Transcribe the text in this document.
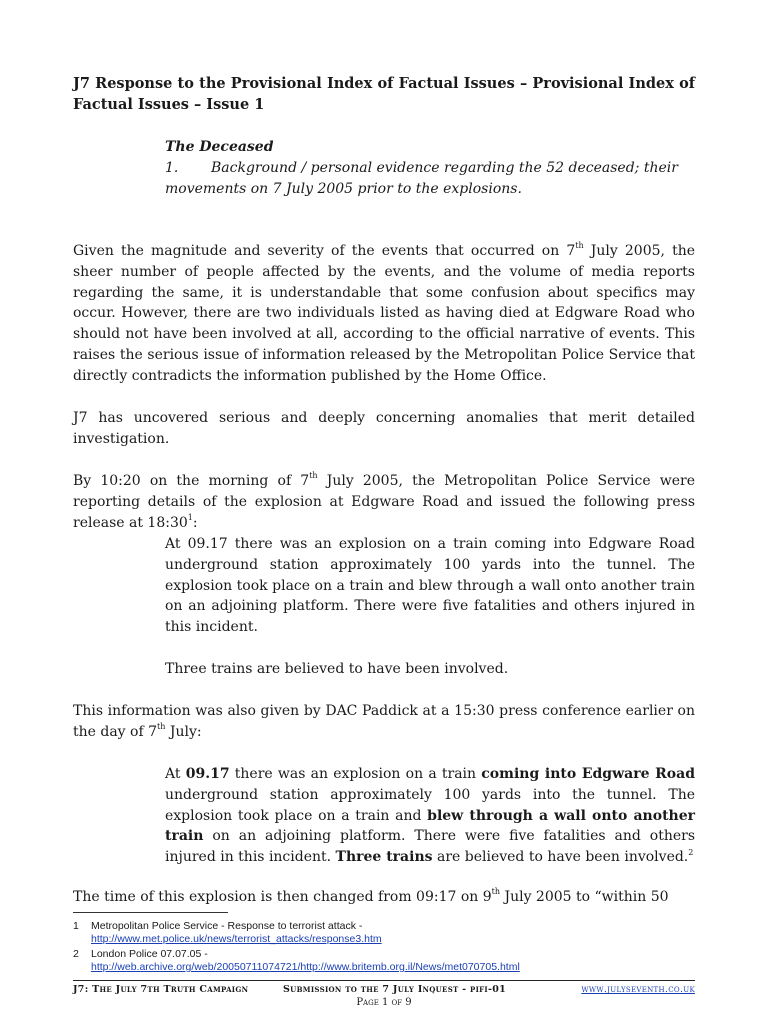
J7 Response to the Provisional Index of Factual Issues – Provisional Index of Factual Issues – Issue 1
The Deceased
1. Background / personal evidence regarding the 52 deceased; their movements on 7 July 2005 prior to the explosions.
Given the magnitude and severity of the events that occurred on 7th July 2005, the sheer number of people affected by the events, and the volume of media reports regarding the same, it is understandable that some confusion about specifics may occur. However, there are two individuals listed as having died at Edgware Road who should not have been involved at all, according to the official narrative of events. This raises the serious issue of information released by the Metropolitan Police Service that directly contradicts the information published by the Home Office.
J7 has uncovered serious and deeply concerning anomalies that merit detailed investigation.
By 10:20 on the morning of 7th July 2005, the Metropolitan Police Service were reporting details of the explosion at Edgware Road and issued the following press release at $18:30^1$:
At 09.17 there was an explosion on a train coming into Edgware Road underground station approximately 100 yards into the tunnel. The explosion took place on a train and blew through a wall onto another train on an adjoining platform. There were five fatalities and others injured in this incident.
Three trains are believed to have been involved.
This information was also given by DAC Paddick at a 15:30 press conference earlier on the day of 7th July:
At 09.17 there was an explosion on a train coming into Edgware Road underground station approximately 100 yards into the tunnel. The explosion took place on a train and blew through a wall onto another train on an adjoining platform. There were five fatalities and others injured in this incident. Three trains are believed to have been involved.$^2$
The time of this explosion is then changed from 09:17 on 9th July 2005 to “within 50
1 Metropolitan Police Service - Response to terrorist attack -
http://www.met.police.uk/news/terrorist_attacks/response3.htm
2 London Police 07.07.05 -
http://web.archive.org/web/20050711074721/http://www.britemb.org.il/News/met070705.html
J7: The July 7th Truth Campaign	Submission to the 7 July Inquest - pifi-01	www.julyseventh.co.uk
Page 1 of 9
